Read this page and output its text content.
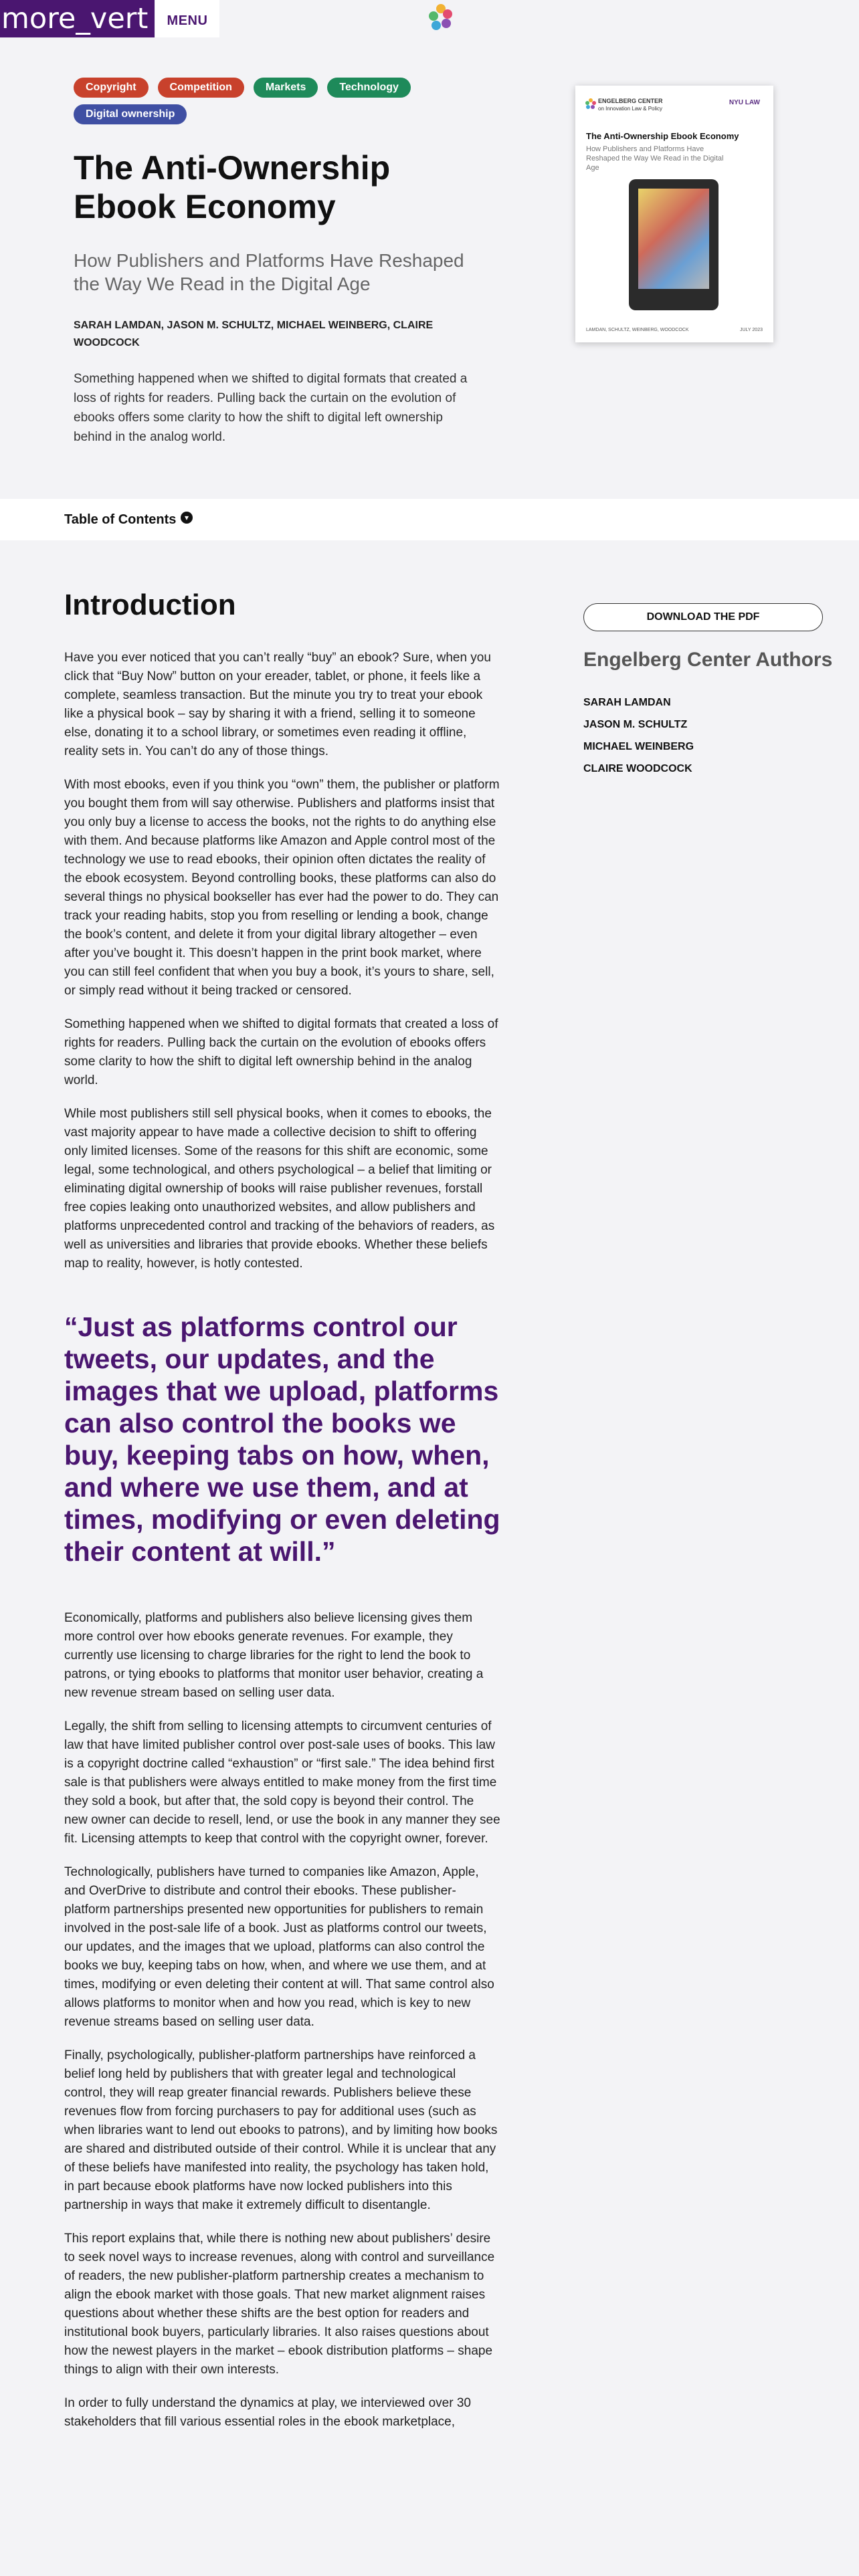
more_vert	MENU
Copyright	Competition	Markets	Technology
Digital ownership
The Anti-Ownership Ebook Economy

How Publishers and Platforms Have Reshaped the Way We Read in the Digital Age

SARAH LAMDAN, JASON M. SCHULTZ, MICHAEL WEINBERG, CLAIRE WOODCOCK

Something happened when we shifted to digital formats that created a loss of rights for readers. Pulling back the curtain on the evolution of ebooks offers some clarity to how the shift to digital left ownership behind in the analog world.

ENGELBERG CENTER
on Innovation Law & Policy
NYU LAW
The Anti-Ownership Ebook Economy
How Publishers and Platforms Have Reshaped the Way We Read in the Digital Age
LAMDAN, SCHULTZ, WEINBERG, WOODCOCK	JULY 2023
Table of Contents	▾
Introduction

Have you ever noticed that you can’t really “buy” an ebook? Sure, when you click that “Buy Now” button on your ereader, tablet, or phone, it feels like a complete, seamless transaction. But the minute you try to treat your ebook like a physical book – say by sharing it with a friend, selling it to someone else, donating it to a school library, or sometimes even reading it offline, reality sets in. You can’t do any of those things.

With most ebooks, even if you think you “own” them, the publisher or platform you bought them from will say otherwise. Publishers and platforms insist that you only buy a license to access the books, not the rights to do anything else with them. And because platforms like Amazon and Apple control most of the technology we use to read ebooks, their opinion often dictates the reality of the ebook ecosystem. Beyond controlling books, these platforms can also do several things no physical bookseller has ever had the power to do. They can track your reading habits, stop you from reselling or lending a book, change the book’s content, and delete it from your digital library altogether – even after you’ve bought it. This doesn’t happen in the print book market, where you can still feel confident that when you buy a book, it’s yours to share, sell, or simply read without it being tracked or censored.

Something happened when we shifted to digital formats that created a loss of rights for readers. Pulling back the curtain on the evolution of ebooks offers some clarity to how the shift to digital left ownership behind in the analog world.

While most publishers still sell physical books, when it comes to ebooks, the vast majority appear to have made a collective decision to shift to offering only limited licenses. Some of the reasons for this shift are economic, some legal, some technological, and others psychological – a belief that limiting or eliminating digital ownership of books will raise publisher revenues, forstall free copies leaking onto unauthorized websites, and allow publishers and platforms unprecedented control and tracking of the behaviors of readers, as well as universities and libraries that provide ebooks. Whether these beliefs map to reality, however, is hotly contested.

“Just as platforms control our tweets, our updates, and the images that we upload, platforms can also control the books we buy, keeping tabs on how, when, and where we use them, and at times, modifying or even deleting their content at will.”

Economically, platforms and publishers also believe licensing gives them more control over how ebooks generate revenues. For example, they currently use licensing to charge libraries for the right to lend the book to patrons, or tying ebooks to platforms that monitor user behavior, creating a new revenue stream based on selling user data.

Legally, the shift from selling to licensing attempts to circumvent centuries of law that have limited publisher control over post-sale uses of books. This law is a copyright doctrine called “exhaustion” or “first sale.” The idea behind first sale is that publishers were always entitled to make money from the first time they sold a book, but after that, the sold copy is beyond their control. The new owner can decide to resell, lend, or use the book in any manner they see fit. Licensing attempts to keep that control with the copyright owner, forever.

Technologically, publishers have turned to companies like Amazon, Apple, and OverDrive to distribute and control their ebooks. These publisher-platform partnerships presented new opportunities for publishers to remain involved in the post-sale life of a book. Just as platforms control our tweets, our updates, and the images that we upload, platforms can also control the books we buy, keeping tabs on how, when, and where we use them, and at times, modifying or even deleting their content at will. That same control also allows platforms to monitor when and how you read, which is key to new revenue streams based on selling user data.

Finally, psychologically, publisher-platform partnerships have reinforced a belief long held by publishers that with greater legal and technological control, they will reap greater financial rewards. Publishers believe these revenues flow from forcing purchasers to pay for additional uses (such as when libraries want to lend out ebooks to patrons), and by limiting how books are shared and distributed outside of their control. While it is unclear that any of these beliefs have manifested into reality, the psychology has taken hold, in part because ebook platforms have now locked publishers into this partnership in ways that make it extremely difficult to disentangle.

This report explains that, while there is nothing new about publishers’ desire to seek novel ways to increase revenues, along with control and surveillance of readers, the new publisher-platform partnership creates a mechanism to align the ebook market with those goals. That new market alignment raises questions about whether these shifts are the best option for readers and institutional book buyers, particularly libraries. It also raises questions about how the newest players in the market – ebook distribution platforms – shape things to align with their own interests.

In order to fully understand the dynamics at play, we interviewed over 30 stakeholders that fill various essential roles in the ebook marketplace,

DOWNLOAD THE PDF
Engelberg Center Authors
SARAH LAMDAN
JASON M. SCHULTZ
MICHAEL WEINBERG
CLAIRE WOODCOCK
